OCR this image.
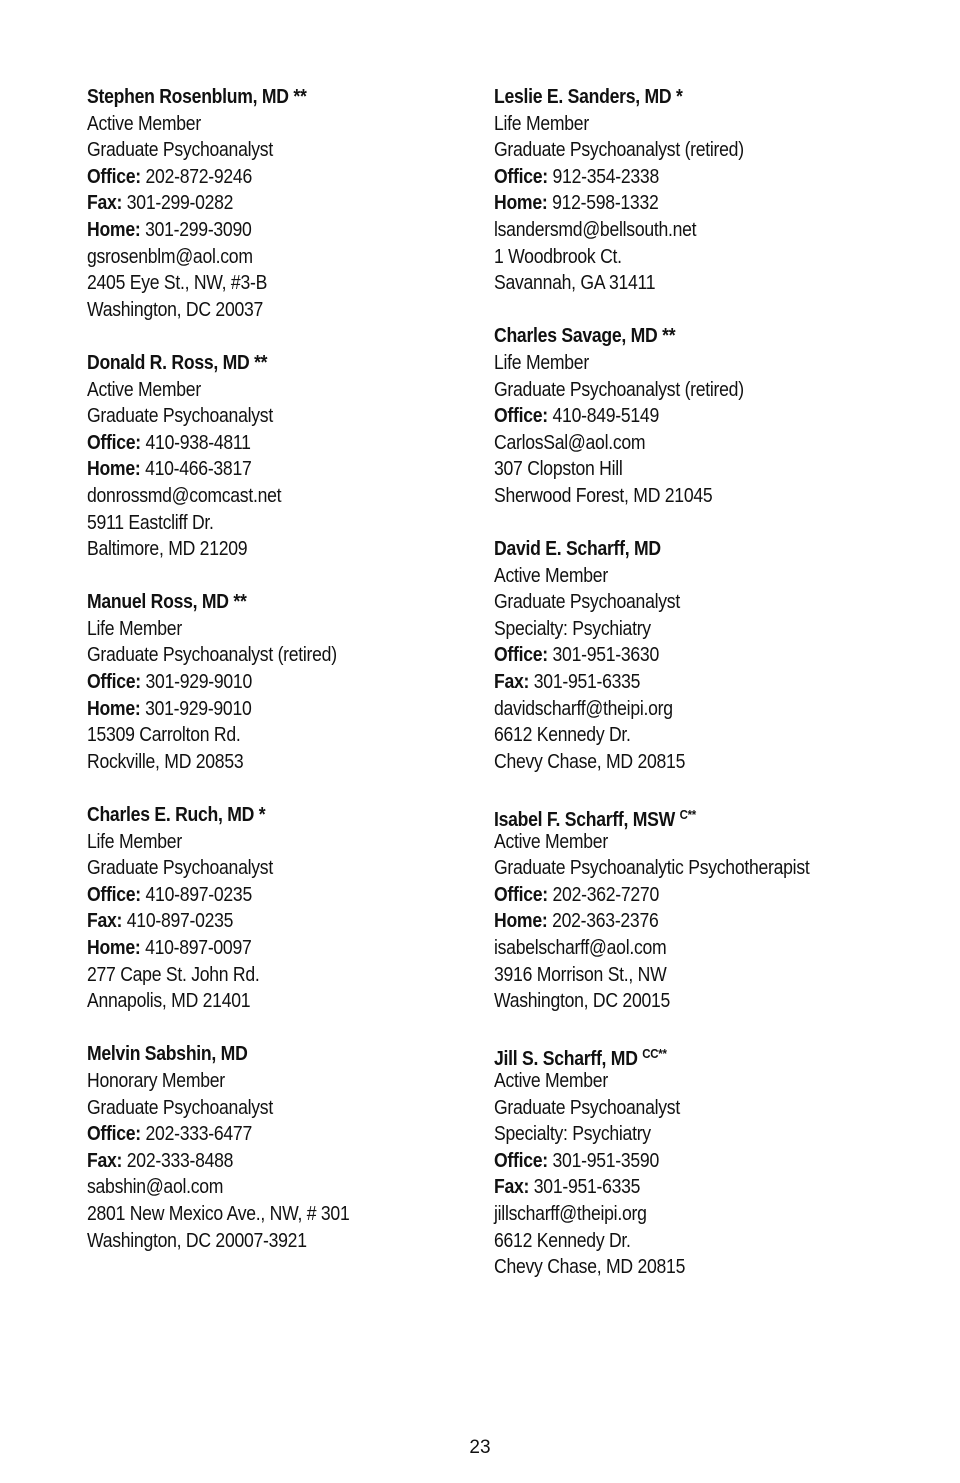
Stephen Rosenblum, MD **
Active Member
Graduate Psychoanalyst
Office: 202-872-9246
Fax: 301-299-0282
Home: 301-299-3090
gsrosenblm@aol.com
2405 Eye St., NW, #3-B
Washington, DC 20037
Donald R. Ross, MD **
Active Member
Graduate Psychoanalyst
Office: 410-938-4811
Home: 410-466-3817
donrossmd@comcast.net
5911 Eastcliff Dr.
Baltimore, MD 21209
Manuel Ross, MD **
Life Member
Graduate Psychoanalyst (retired)
Office: 301-929-9010
Home: 301-929-9010
15309 Carrolton Rd.
Rockville, MD 20853
Charles E. Ruch, MD *
Life Member
Graduate Psychoanalyst
Office: 410-897-0235
Fax: 410-897-0235
Home: 410-897-0097
277 Cape St. John Rd.
Annapolis, MD 21401
Melvin Sabshin, MD
Honorary Member
Graduate Psychoanalyst
Office: 202-333-6477
Fax: 202-333-8488
sabshin@aol.com
2801 New Mexico Ave., NW, # 301
Washington, DC 20007-3921
Leslie E. Sanders, MD *
Life Member
Graduate Psychoanalyst (retired)
Office: 912-354-2338
Home: 912-598-1332
lsandersmd@bellsouth.net
1 Woodbrook Ct.
Savannah, GA 31411
Charles Savage, MD **
Life Member
Graduate Psychoanalyst (retired)
Office: 410-849-5149
CarlosSal@aol.com
307 Clopston Hill
Sherwood Forest, MD 21045
David E. Scharff, MD
Active Member
Graduate Psychoanalyst
Specialty: Psychiatry
Office: 301-951-3630
Fax: 301-951-6335
davidscharff@theipi.org
6612 Kennedy Dr.
Chevy Chase, MD 20815
Isabel F. Scharff, MSW $^{C**}$
Active Member
Graduate Psychoanalytic Psychotherapist
Office: 202-362-7270
Home: 202-363-2376
isabelscharff@aol.com
3916 Morrison St., NW
Washington, DC 20015
Jill S. Scharff, MD $^{CC**}$
Active Member
Graduate Psychoanalyst
Specialty: Psychiatry
Office: 301-951-3590
Fax: 301-951-6335
jillscharff@theipi.org
6612 Kennedy Dr.
Chevy Chase, MD 20815
23
